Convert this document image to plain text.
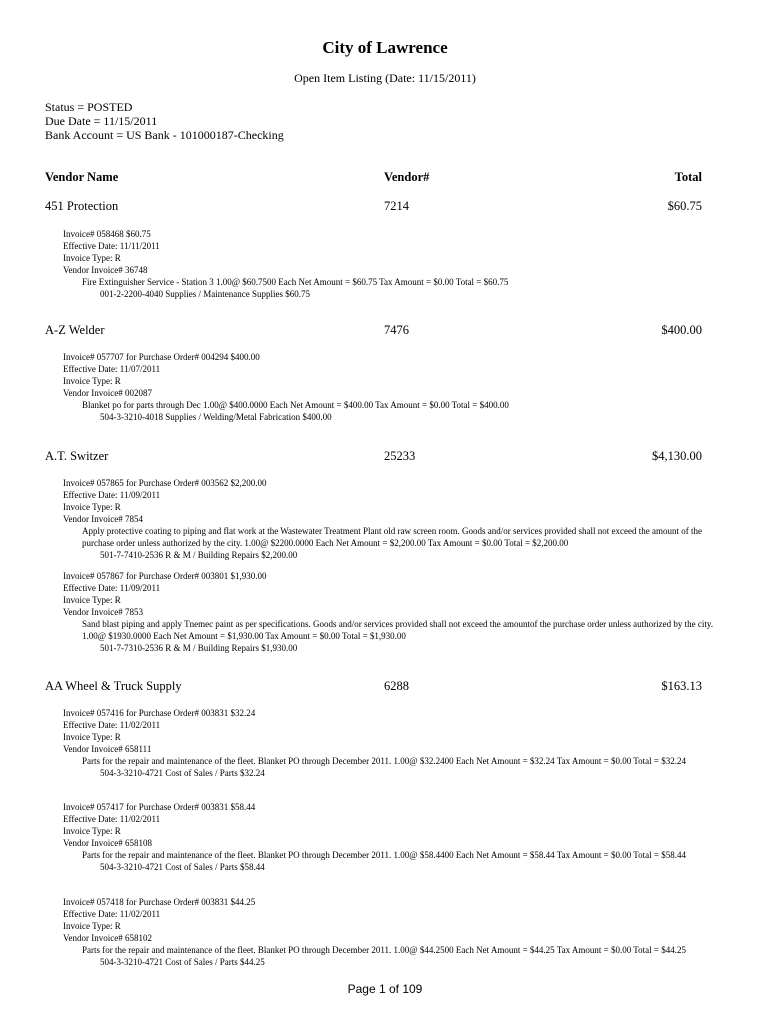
City of Lawrence
Open Item Listing (Date: 11/15/2011)
Status = POSTED
Due Date = 11/15/2011
Bank Account = US Bank - 101000187-Checking
Vendor Name	Vendor#	Total
451 Protection	7214	$60.75
Invoice# 058468 $60.75
Effective Date: 11/11/2011
Invoice Type: R
Vendor Invoice# 36748
Fire Extinguisher Service - Station 3 1.00@ $60.7500 Each Net Amount = $60.75 Tax Amount = $0.00 Total = $60.75
001-2-2200-4040 Supplies / Maintenance Supplies $60.75
A-Z Welder	7476	$400.00
Invoice# 057707 for Purchase Order# 004294 $400.00
Effective Date: 11/07/2011
Invoice Type: R
Vendor Invoice# 002087
Blanket po for parts through Dec 1.00@ $400.0000 Each Net Amount = $400.00 Tax Amount = $0.00 Total = $400.00
504-3-3210-4018 Supplies / Welding/Metal Fabrication $400.00
A.T. Switzer	25233	$4,130.00
Invoice# 057865 for Purchase Order# 003562 $2,200.00
Effective Date: 11/09/2011
Invoice Type: R
Vendor Invoice# 7854
Apply protective coating to piping and flat work at the Wastewater Treatment Plant old raw screen room. Goods and/or services provided shall not exceed the amount of the purchase order unless authorized by the city. 1.00@ $2200.0000 Each Net Amount = $2,200.00 Tax Amount = $0.00 Total = $2,200.00
501-7-7410-2536 R & M / Building Repairs $2,200.00
Invoice# 057867 for Purchase Order# 003801 $1,930.00
Effective Date: 11/09/2011
Invoice Type: R
Vendor Invoice# 7853
Sand blast piping and apply Tnemec paint as per specifications. Goods and/or services provided shall not exceed the amountof the purchase order unless authorized by the city. 1.00@ $1930.0000 Each Net Amount = $1,930.00 Tax Amount = $0.00 Total = $1,930.00
501-7-7310-2536 R & M / Building Repairs $1,930.00
AA Wheel & Truck Supply	6288	$163.13
Invoice# 057416 for Purchase Order# 003831 $32.24
Effective Date: 11/02/2011
Invoice Type: R
Vendor Invoice# 658111
Parts for the repair and maintenance of the fleet. Blanket PO through December 2011. 1.00@ $32.2400 Each Net Amount = $32.24 Tax Amount = $0.00 Total = $32.24
504-3-3210-4721 Cost of Sales / Parts $32.24
Invoice# 057417 for Purchase Order# 003831 $58.44
Effective Date: 11/02/2011
Invoice Type: R
Vendor Invoice# 658108
Parts for the repair and maintenance of the fleet. Blanket PO through December 2011. 1.00@ $58.4400 Each Net Amount = $58.44 Tax Amount = $0.00 Total = $58.44
504-3-3210-4721 Cost of Sales / Parts $58.44
Invoice# 057418 for Purchase Order# 003831 $44.25
Effective Date: 11/02/2011
Invoice Type: R
Vendor Invoice# 658102
Parts for the repair and maintenance of the fleet. Blanket PO through December 2011. 1.00@ $44.2500 Each Net Amount = $44.25 Tax Amount = $0.00 Total = $44.25
504-3-3210-4721 Cost of Sales / Parts $44.25
Page 1 of 109
